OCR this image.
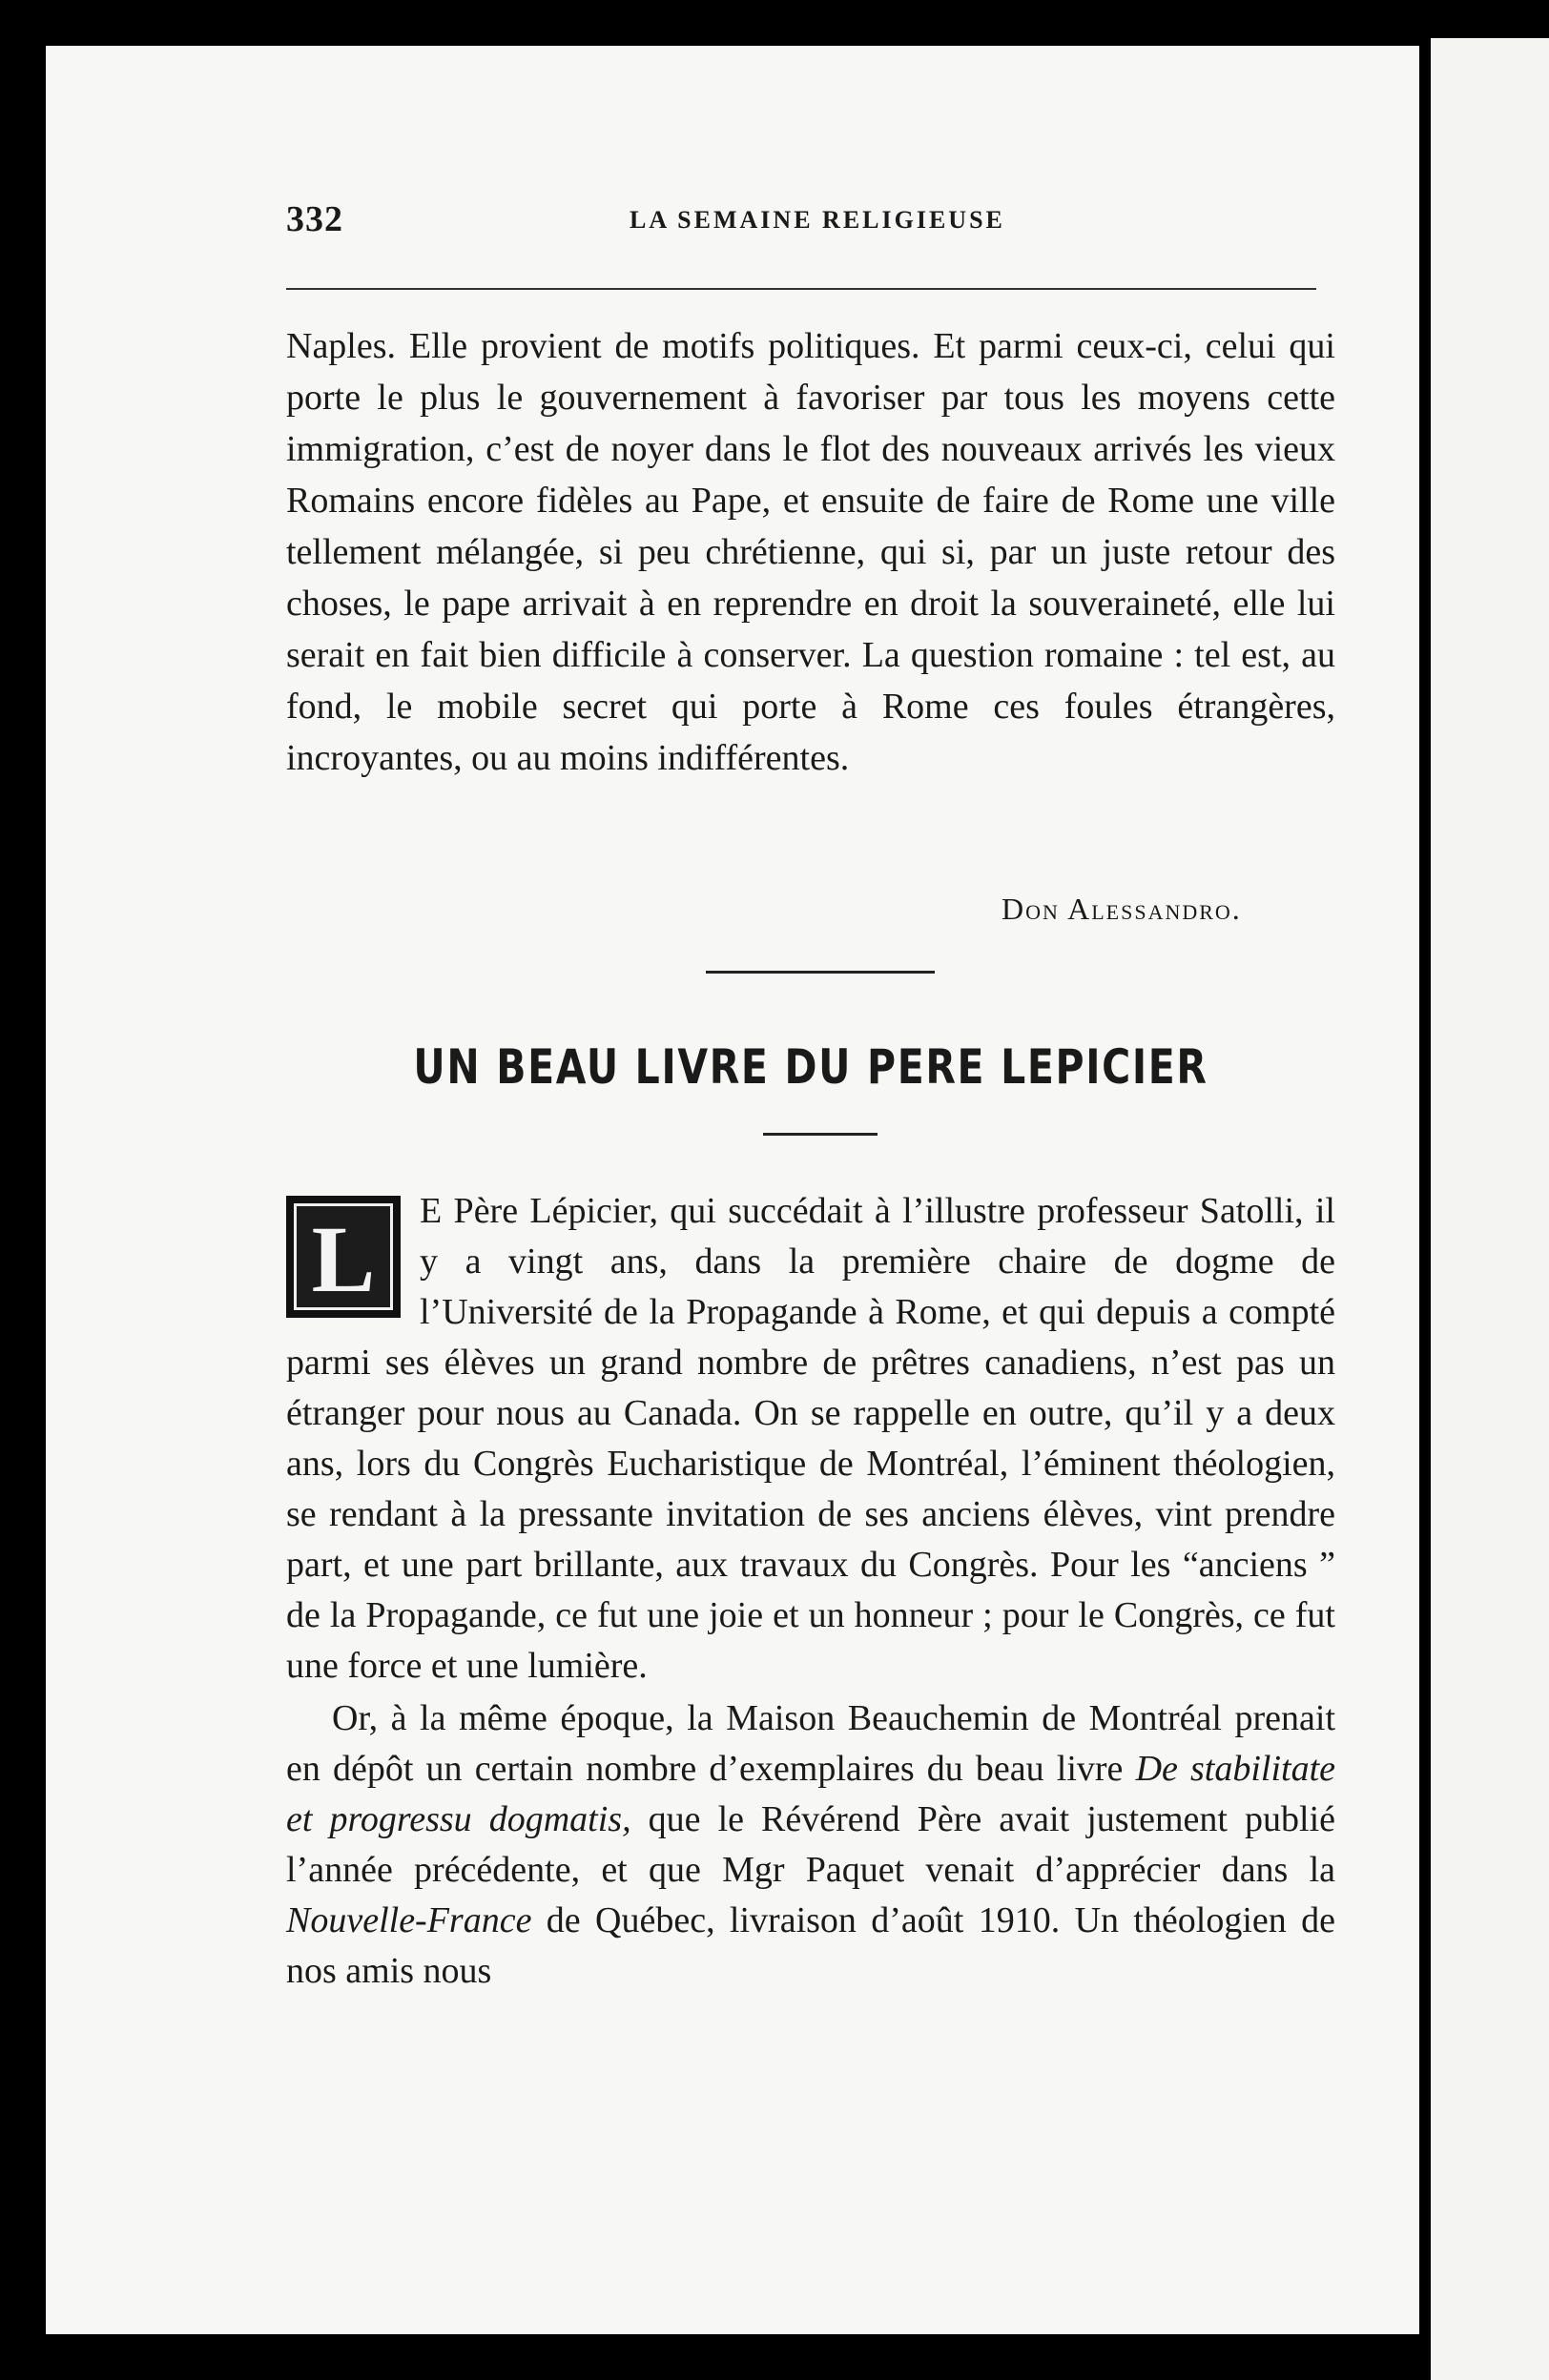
332	LA SEMAINE RELIGIEUSE

Naples. Elle provient de motifs politiques. Et parmi ceux-ci, celui qui porte le plus le gouvernement à favoriser par tous les moyens cette immigration, c’est de noyer dans le flot des nouveaux arrivés les vieux Romains encore fidèles au Pape, et ensuite de faire de Rome une ville tellement mélangée, si peu chrétienne, qui si, par un juste retour des choses, le pape arrivait à en reprendre en droit la souveraineté, elle lui serait en fait bien difficile à conserver. La question romaine : tel est, au fond, le mobile secret qui porte à Rome ces foules étrangères, incroyantes, ou au moins indifférentes.

Don Alessandro.
UN BEAU LIVRE DU PERE LEPICIER
L	E Père Lépicier, qui succédait à l’illustre professeur Satolli, il y a vingt ans, dans la première chaire de dogme de l’Université de la Propagande à Rome, et qui depuis a compté parmi ses élèves un grand nombre de prêtres canadiens, n’est pas un étranger pour nous au Canada. On se rappelle en outre, qu’il y a deux ans, lors du Congrès Eucharistique de Montréal, l’éminent théologien, se rendant à la pressante invitation de ses anciens élèves, vint prendre part, et une part brillante, aux travaux du Congrès. Pour les “anciens ” de la Propagande, ce fut une joie et un honneur ; pour le Congrès, ce fut une force et une lumière.

Or, à la même époque, la Maison Beauchemin de Montréal prenait en dépôt un certain nombre d’exemplaires du beau livre De stabilitate et progressu dogmatis, que le Révérend Père avait justement publié l’année précédente, et que Mgr Paquet venait d’apprécier dans la Nouvelle-France de Québec, livraison d’août 1910. Un théologien de nos amis nous
